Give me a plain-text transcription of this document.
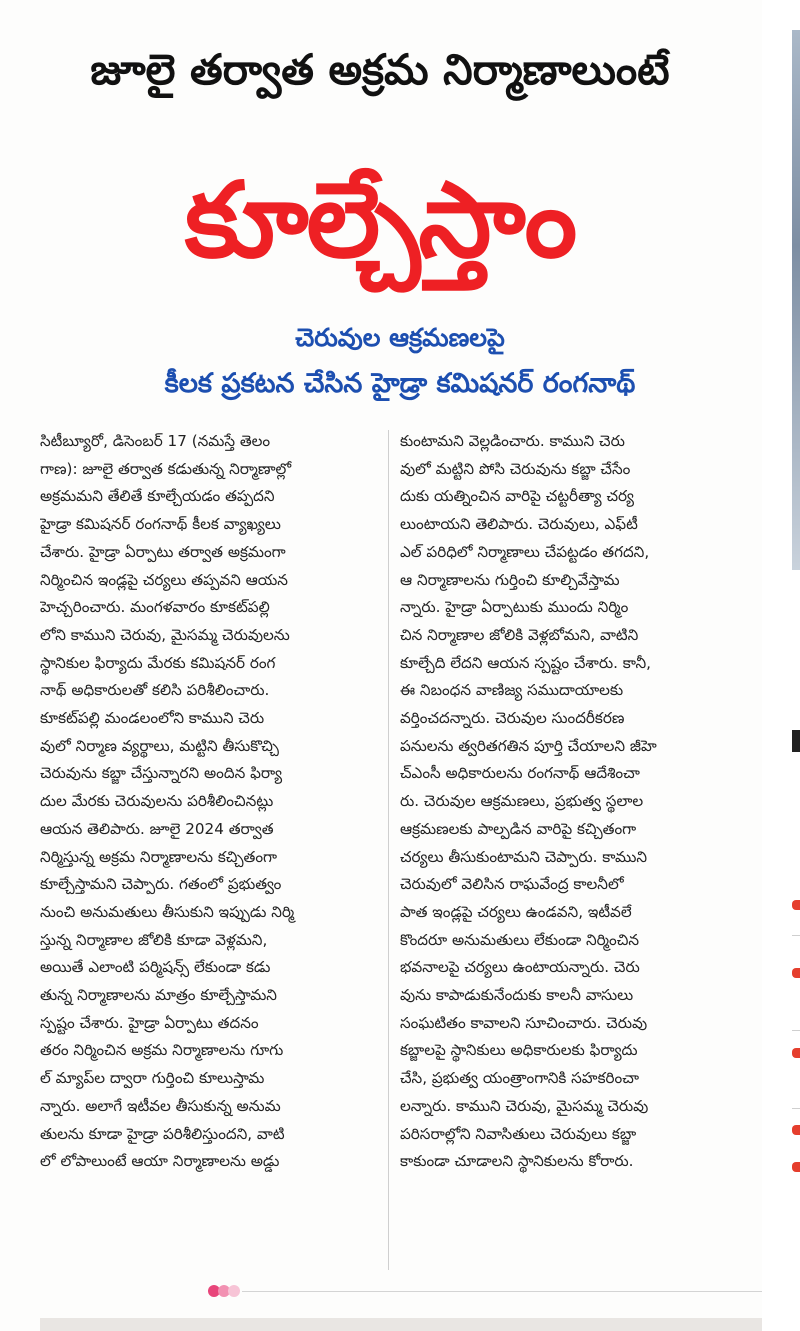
జూలై తర్వాత అక్రమ నిర్మాణాలుంటే
కూల్చేస్తాం
చెరువుల ఆక్రమణలపై
కీలక ప్రకటన చేసిన హైడ్రా కమిషనర్ రంగనాథ్
సిటీబ్యూరో, డిసెంబర్ 17 (నమస్తే తెలం
గాణ): జూలై తర్వాత కడుతున్న నిర్మాణాల్లో
అక్రమమని తేలితే కూల్చేయడం తప్పదని
హైడ్రా కమిషనర్ రంగనాథ్ కీలక వ్యాఖ్యలు
చేశారు. హైడ్రా ఏర్పాటు తర్వాత అక్రమంగా
నిర్మించిన ఇండ్లపై చర్యలు తప్పవని ఆయన
హెచ్చరించారు. మంగళవారం కూకట్‌పల్లి
లోని కాముని చెరువు, మైసమ్మ చెరువులను
స్థానికుల ఫిర్యాదు మేరకు కమిషనర్ రంగ
నాథ్ అధికారులతో కలిసి పరిశీలించారు.
కూకట్‌పల్లి మండలంలోని కాముని చెరు
వులో నిర్మాణ వ్యర్థాలు, మట్టిని తీసుకొచ్చి
చెరువును కబ్జా చేస్తున్నారని అందిన ఫిర్యా
దుల మేరకు చెరువులను పరిశీలించినట్లు
ఆయన తెలిపారు. జూలై 2024 తర్వాత
నిర్మిస్తున్న అక్రమ నిర్మాణాలను కచ్చితంగా
కూల్చేస్తామని చెప్పారు. గతంలో ప్రభుత్వం
నుంచి అనుమతులు తీసుకుని ఇప్పుడు నిర్మి
స్తున్న నిర్మాణాల జోలికి కూడా వెళ్లమని,
అయితే ఎలాంటి పర్మిషన్స్ లేకుండా కడు
తున్న నిర్మాణాలను మాత్రం కూల్చేస్తామని
స్పష్టం చేశారు. హైడ్రా ఏర్పాటు తదనం
తరం నిర్మించిన అక్రమ నిర్మాణాలను గూగు
ల్ మ్యాప్‌ల ద్వారా గుర్తించి కూలుస్తామ
న్నారు. అలాగే ఇటీవల తీసుకున్న అనుమ
తులను కూడా హైడ్రా పరిశీలిస్తుందని, వాటి
లో లోపాలుంటే ఆయా నిర్మాణాలను అడ్డు
కుంటామని వెల్లడించారు. కాముని చెరు
వులో మట్టిని పోసి చెరువును కబ్జా చేసేం
దుకు యత్నించిన వారిపై చట్టరీత్యా చర్య
లుంటాయని తెలిపారు. చెరువులు, ఎఫ్‌టీ
ఎల్ పరిధిలో నిర్మాణాలు చేపట్టడం తగదని,
ఆ నిర్మాణాలను గుర్తించి కూల్చివేస్తామ
న్నారు. హైడ్రా ఏర్పాటుకు ముందు నిర్మిం
చిన నిర్మాణాల జోలికి వెళ్లబోమని, వాటిని
కూల్చేది లేదని ఆయన స్పష్టం చేశారు. కానీ,
ఈ నిబంధన వాణిజ్య సముదాయాలకు
వర్తించదన్నారు. చెరువుల సుందరీకరణ
పనులను త్వరితగతిన పూర్తి చేయాలని జీహె
చ్ఎంసీ అధికారులను రంగనాథ్ ఆదేశించా
రు. చెరువుల ఆక్రమణలు, ప్రభుత్వ స్థలాల
ఆక్రమణలకు పాల్పడిన వారిపై కచ్చితంగా
చర్యలు తీసుకుంటామని చెప్పారు. కాముని
చెరువులో వెలిసిన రాఘవేంద్ర కాలనీలో
పాత ఇండ్లపై చర్యలు ఉండవని, ఇటీవలే
కొందరూ అనుమతులు లేకుండా నిర్మించిన
భవనాలపై చర్యలు ఉంటాయన్నారు. చెరు
వును కాపాడుకునేందుకు కాలనీ వాసులు
సంఘటితం కావాలని సూచించారు. చెరువు
కబ్జాలపై స్థానికులు అధికారులకు ఫిర్యాదు
చేసి, ప్రభుత్వ యంత్రాంగానికి సహకరించా
లన్నారు. కాముని చెరువు, మైసమ్మ చెరువు
పరిసరాల్లోని నివాసితులు చెరువులు కబ్జా
కాకుండా చూడాలని స్థానికులను కోరారు.
